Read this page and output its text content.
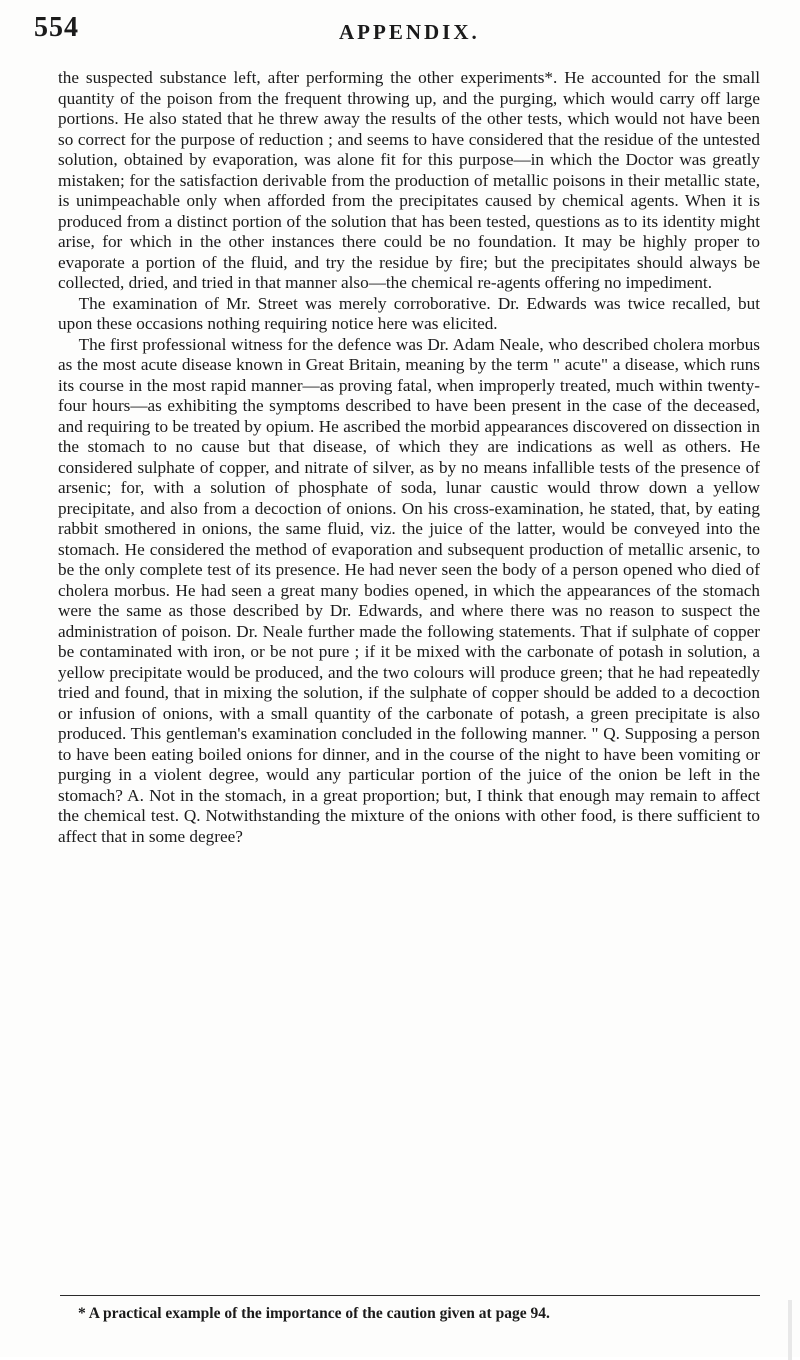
554	APPENDIX.

the suspected substance left, after performing the other experiments*. He accounted for the small quantity of the poison from the frequent throwing up, and the purging, which would carry off large portions. He also stated that he threw away the results of the other tests, which would not have been so correct for the purpose of reduction ; and seems to have considered that the residue of the untested solution, obtained by evaporation, was alone fit for this purpose—in which the Doctor was greatly mistaken; for the satisfaction derivable from the production of metallic poisons in their metallic state, is unimpeachable only when afforded from the precipitates caused by chemical agents. When it is produced from a distinct portion of the solution that has been tested, questions as to its identity might arise, for which in the other instances there could be no foundation. It may be highly proper to evaporate a portion of the fluid, and try the residue by fire; but the precipitates should always be collected, dried, and tried in that manner also—the chemical re-agents offering no impediment.

The examination of Mr. Street was merely corroborative. Dr. Edwards was twice recalled, but upon these occasions nothing requiring notice here was elicited.

The first professional witness for the defence was Dr. Adam Neale, who described cholera morbus as the most acute disease known in Great Britain, meaning by the term " acute" a disease, which runs its course in the most rapid manner—as proving fatal, when improperly treated, much within twenty-four hours—as exhibiting the symptoms described to have been present in the case of the deceased, and requiring to be treated by opium. He ascribed the morbid appearances discovered on dissection in the stomach to no cause but that disease, of which they are indications as well as others. He considered sulphate of copper, and nitrate of silver, as by no means infallible tests of the presence of arsenic; for, with a solution of phosphate of soda, lunar caustic would throw down a yellow precipitate, and also from a decoction of onions. On his cross-examination, he stated, that, by eating rabbit smothered in onions, the same fluid, viz. the juice of the latter, would be conveyed into the stomach. He considered the method of evaporation and subsequent production of metallic arsenic, to be the only complete test of its presence. He had never seen the body of a person opened who died of cholera morbus. He had seen a great many bodies opened, in which the appearances of the stomach were the same as those described by Dr. Edwards, and where there was no reason to suspect the administration of poison. Dr. Neale further made the following statements. That if sulphate of copper be contaminated with iron, or be not pure ; if it be mixed with the carbonate of potash in solution, a yellow precipitate would be produced, and the two colours will produce green; that he had repeatedly tried and found, that in mixing the solution, if the sulphate of copper should be added to a decoction or infusion of onions, with a small quantity of the carbonate of potash, a green precipitate is also produced. This gentleman's examination concluded in the following manner. " Q. Supposing a person to have been eating boiled onions for dinner, and in the course of the night to have been vomiting or purging in a violent degree, would any particular portion of the juice of the onion be left in the stomach? A. Not in the stomach, in a great proportion; but, I think that enough may remain to affect the chemical test. Q. Notwithstanding the mixture of the onions with other food, is there sufficient to affect that in some degree?

* A practical example of the importance of the caution given at page 94.
